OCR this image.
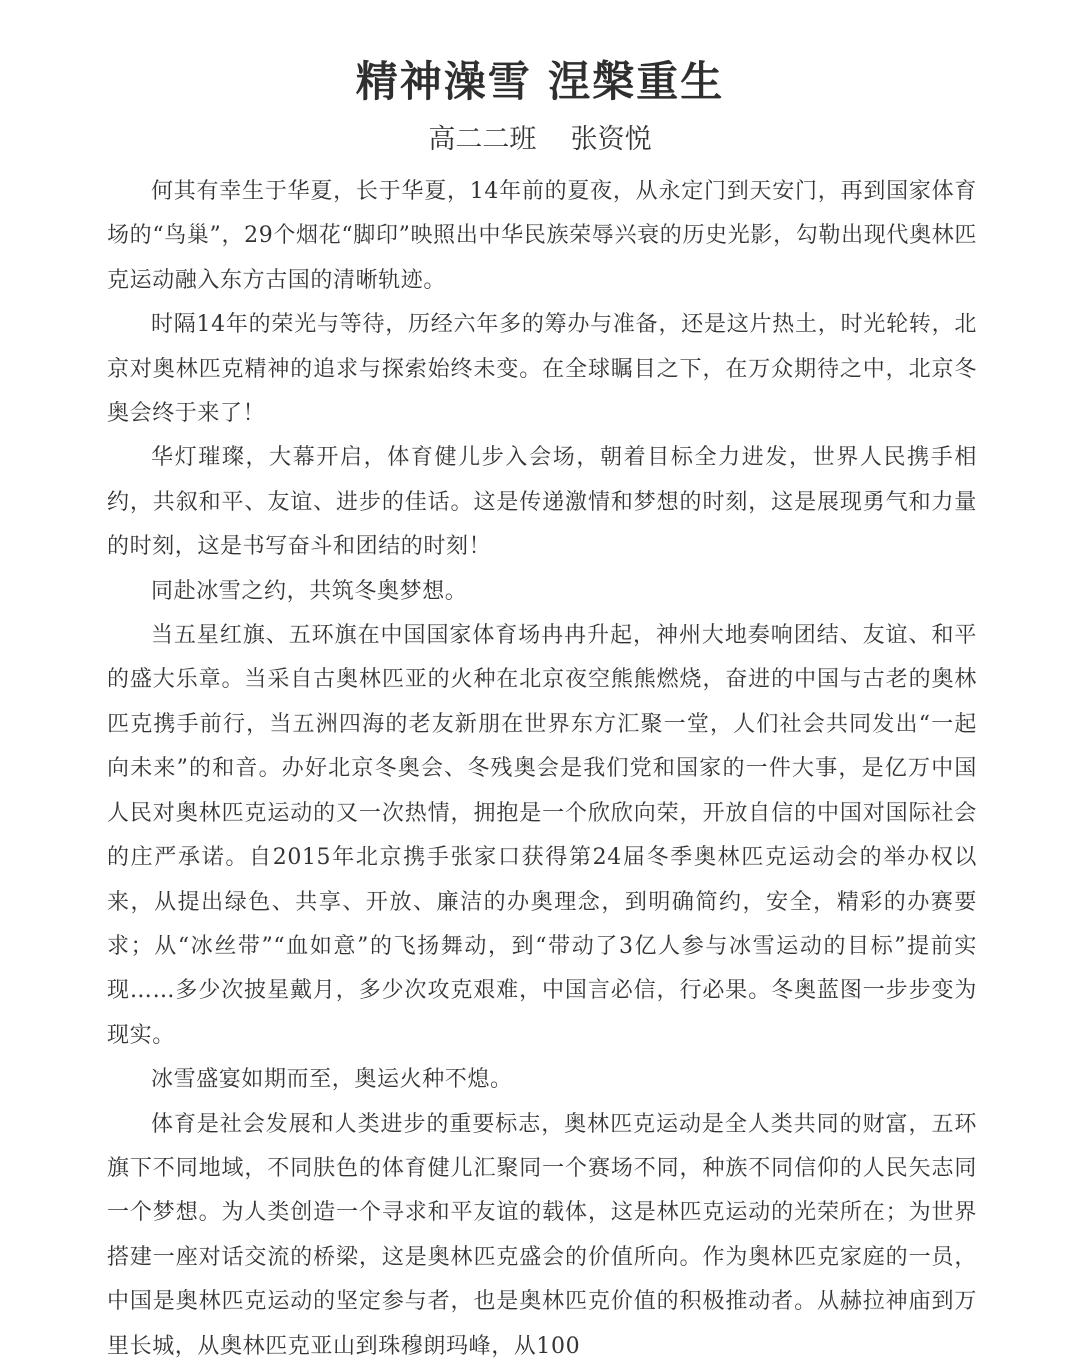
精神澡雪 涅槃重生
高二二班    张资悦

何其有幸生于华夏，长于华夏，14年前的夏夜，从永定门到天安门，再到国家体育场的“鸟巢”，29个烟花“脚印”映照出中华民族荣辱兴衰的历史光影，勾勒出现代奥林匹克运动融入东方古国的清晰轨迹。

时隔14年的荣光与等待，历经六年多的筹办与准备，还是这片热土，时光轮转，北京对奥林匹克精神的追求与探索始终未变。在全球瞩目之下，在万众期待之中，北京冬奥会终于来了！

华灯璀璨，大幕开启，体育健儿步入会场，朝着目标全力进发，世界人民携手相约，共叙和平、友谊、进步的佳话。这是传递激情和梦想的时刻，这是展现勇气和力量的时刻，这是书写奋斗和团结的时刻！

同赴冰雪之约，共筑冬奥梦想。

当五星红旗、五环旗在中国国家体育场冉冉升起，神州大地奏响团结、友谊、和平的盛大乐章。当采自古奥林匹亚的火种在北京夜空熊熊燃烧，奋进的中国与古老的奥林匹克携手前行，当五洲四海的老友新朋在世界东方汇聚一堂，人们社会共同发出“一起向未来”的和音。办好北京冬奥会、冬残奥会是我们党和国家的一件大事，是亿万中国人民对奥林匹克运动的又一次热情，拥抱是一个欣欣向荣，开放自信的中国对国际社会的庄严承诺。自2015年北京携手张家口获得第24届冬季奥林匹克运动会的举办权以来，从提出绿色、共享、开放、廉洁的办奥理念，到明确简约，安全，精彩的办赛要求；从“冰丝带”“血如意”的飞扬舞动，到“带动了3亿人参与冰雪运动的目标”提前实现……多少次披星戴月，多少次攻克艰难，中国言必信，行必果。冬奥蓝图一步步变为现实。

冰雪盛宴如期而至，奥运火种不熄。

体育是社会发展和人类进步的重要标志，奥林匹克运动是全人类共同的财富，五环旗下不同地域，不同肤色的体育健儿汇聚同一个赛场不同，种族不同信仰的人民矢志同一个梦想。为人类创造一个寻求和平友谊的载体，这是林匹克运动的光荣所在；为世界搭建一座对话交流的桥梁，这是奥林匹克盛会的价值所向。作为奥林匹克家庭的一员，中国是奥林匹克运动的坚定参与者，也是奥林匹克价值的积极推动者。从赫拉神庙到万里长城，从奥林匹克亚山到珠穆朗玛峰，从100
